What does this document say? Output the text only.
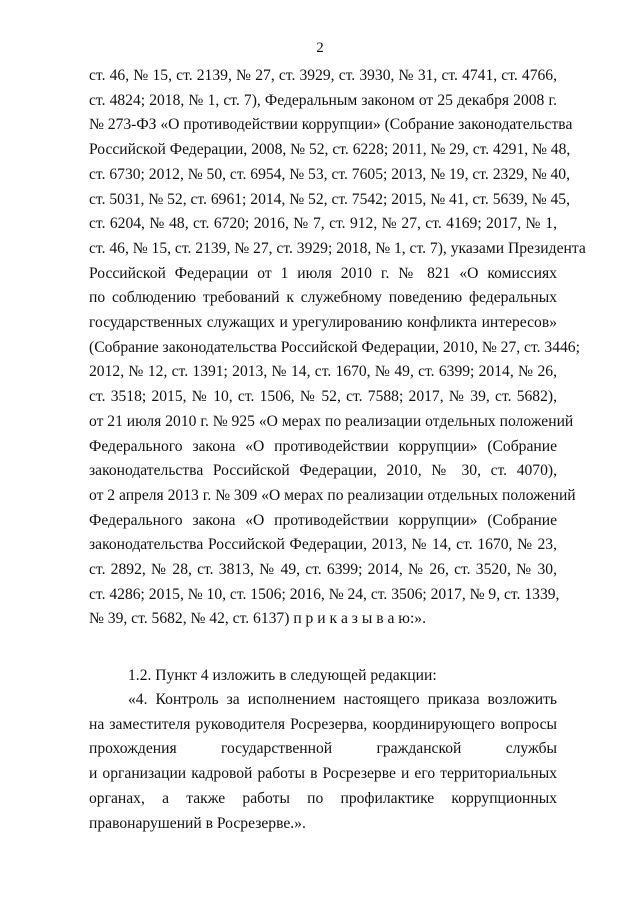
2
ст. 46, № 15, ст. 2139, № 27, ст. 3929, ст. 3930, № 31, ст. 4741, ст. 4766,
ст. 4824; 2018, № 1, ст. 7), Федеральным законом от 25 декабря 2008 г.
№ 273-ФЗ «О противодействии коррупции» (Собрание законодательства
Российской Федерации, 2008, № 52, ст. 6228; 2011, № 29, ст. 4291, № 48,
ст. 6730; 2012, № 50, ст. 6954, № 53, ст. 7605; 2013, № 19, ст. 2329, № 40,
ст. 5031, № 52, ст. 6961; 2014, № 52, ст. 7542; 2015, № 41, ст. 5639, № 45,
ст. 6204, № 48, ст. 6720; 2016, № 7, ст. 912, № 27, ст. 4169; 2017, № 1,
ст. 46, № 15, ст. 2139, № 27, ст. 3929; 2018, № 1, ст. 7), указами Президента
Российской Федерации от 1 июля 2010 г. № 821 «О комиссиях
по соблюдению требований к служебному поведению федеральных
государственных служащих и урегулированию конфликта интересов»
(Собрание законодательства Российской Федерации, 2010, № 27, ст. 3446;
2012, № 12, ст. 1391; 2013, № 14, ст. 1670, № 49, ст. 6399; 2014, № 26,
ст. 3518; 2015, № 10, ст. 1506, № 52, ст. 7588; 2017, № 39, ст. 5682),
от 21 июля 2010 г. № 925 «О мерах по реализации отдельных положений
Федерального закона «О противодействии коррупции» (Собрание
законодательства Российской Федерации, 2010, № 30, ст. 4070),
от 2 апреля 2013 г. № 309 «О мерах по реализации отдельных положений
Федерального закона «О противодействии коррупции» (Собрание
законодательства Российской Федерации, 2013, № 14, ст. 1670, № 23,
ст. 2892, № 28, ст. 3813, № 49, ст. 6399; 2014, № 26, ст. 3520, № 30,
ст. 4286; 2015, № 10, ст. 1506; 2016, № 24, ст. 3506; 2017, № 9, ст. 1339,
№ 39, ст. 5682, № 42, ст. 6137) п р и к а з ы в а ю:».
1.2. Пункт 4 изложить в следующей редакции:
«4. Контроль за исполнением настоящего приказа возложить
на заместителя руководителя Росрезерва, координирующего вопросы
прохождения государственной гражданской службы
и организации кадровой работы в Росрезерве и его территориальных
органах, а также работы по профилактике коррупционных
правонарушений в Росрезерве.».
